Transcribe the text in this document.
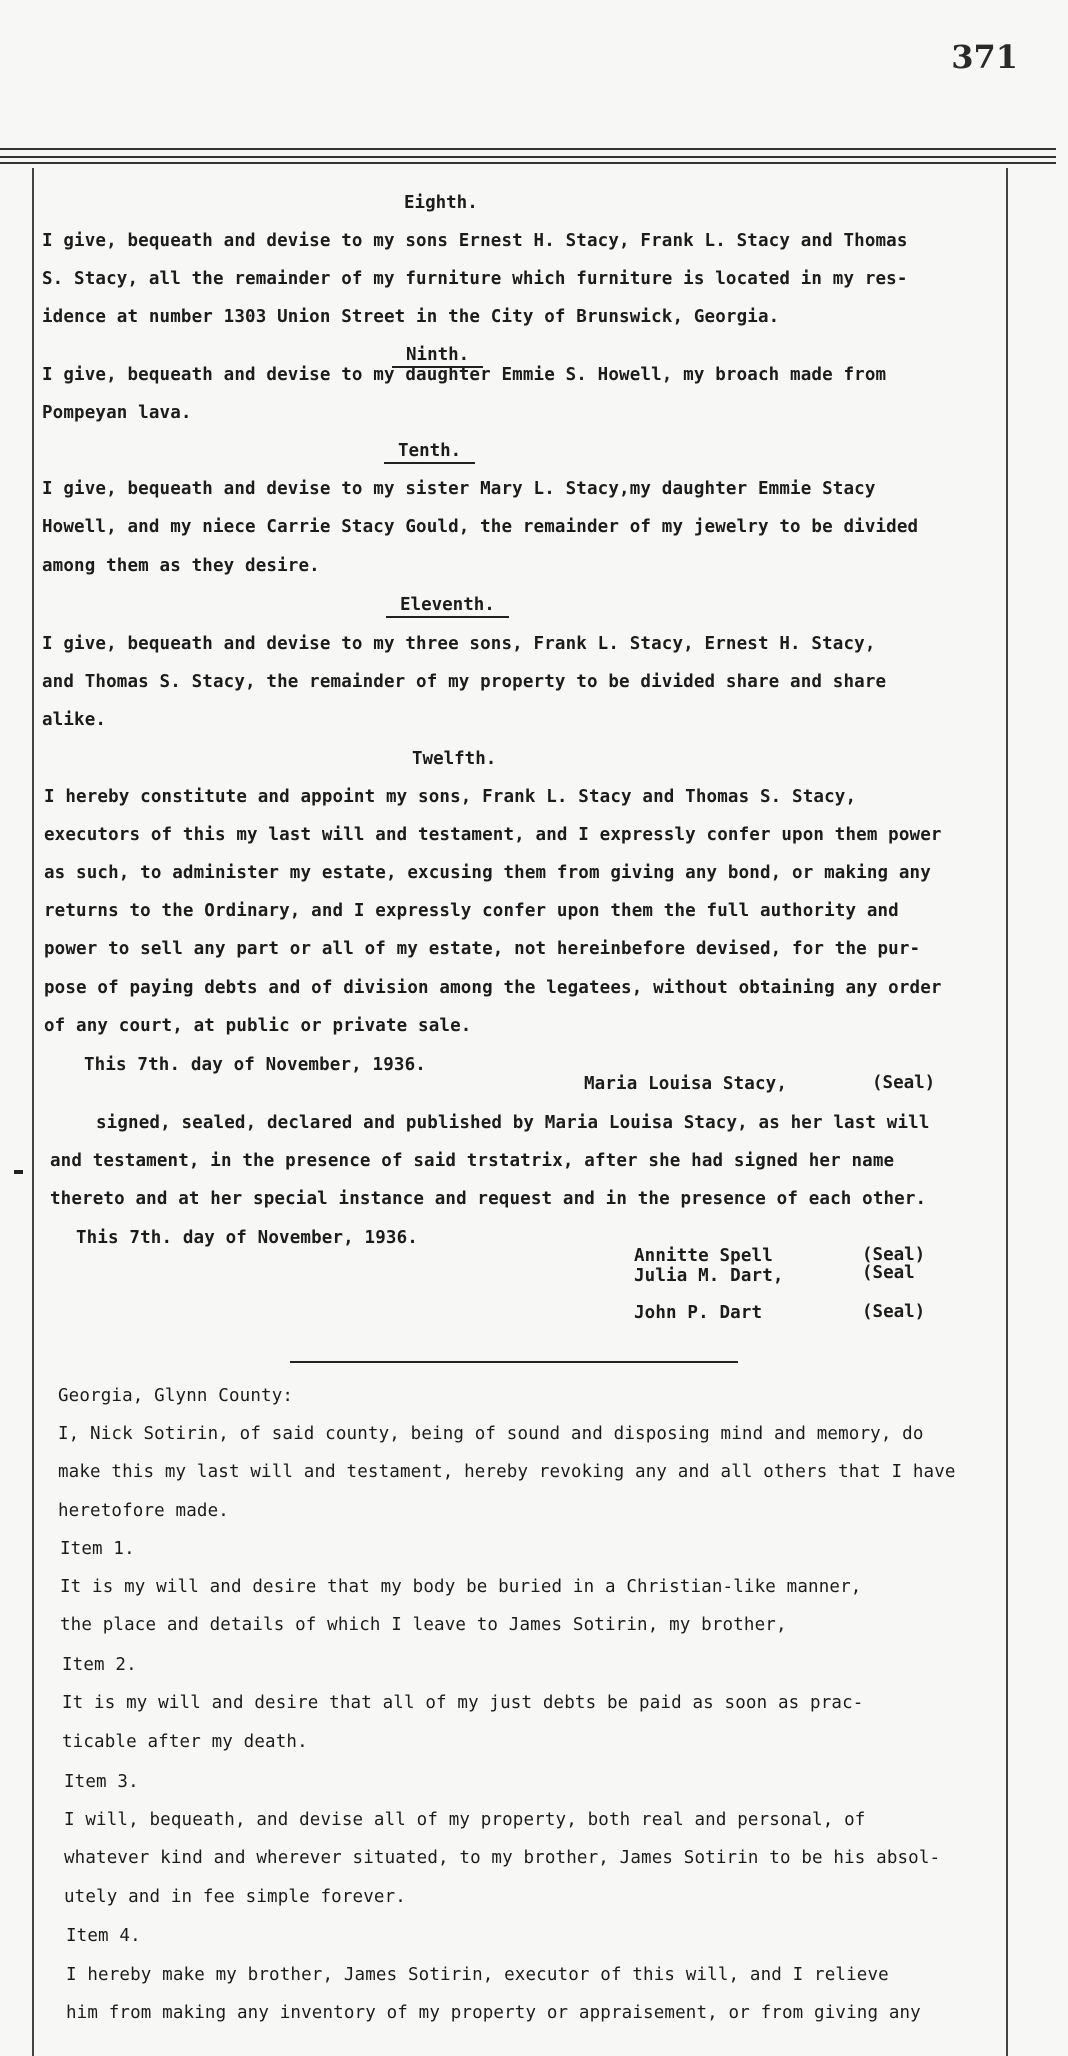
371
Eighth.
I give, bequeath and devise to my sons Ernest H. Stacy, Frank L. Stacy and Thomas
S. Stacy, all the remainder of my furniture which furniture is located in my res-
idence at number 1303 Union Street in the City of Brunswick, Georgia.
Ninth.
I give, bequeath and devise to my daughter Emmie S. Howell, my broach made from
Pompeyan lava.
Tenth.
I give, bequeath and devise to my sister Mary L. Stacy,my daughter Emmie Stacy
Howell, and my niece Carrie Stacy Gould, the remainder of my jewelry to be divided
among them as they desire.
Eleventh.
I give, bequeath and devise to my three sons, Frank L. Stacy, Ernest H. Stacy,
and Thomas S. Stacy, the remainder of my property to be divided share and share
alike.
Twelfth.
I hereby constitute and appoint my sons, Frank L. Stacy and Thomas S. Stacy,
executors of this my last will and testament, and I expressly confer upon them power
as such, to administer my estate, excusing them from giving any bond, or making any
returns to the Ordinary, and I expressly confer upon them the full authority and
power to sell any part or all of my estate, not hereinbefore devised, for the pur-
pose of paying debts and of division among the legatees, without obtaining any order
of any court, at public or private sale.
This 7th. day of November, 1936.
Maria Louisa Stacy,	(Seal)
signed, sealed, declared and published by Maria Louisa Stacy, as her last will
and testament, in the presence of said trstatrix, after she had signed her name
thereto and at her special instance and request and in the presence of each other.
This 7th. day of November, 1936.
Annitte Spell	(Seal)
Julia M. Dart,	(Seal
John P. Dart	(Seal)
Georgia, Glynn County:
I, Nick Sotirin, of said county, being of sound and disposing mind and memory, do
make this my last will and testament, hereby revoking any and all others that I have
heretofore made.
Item 1.
It is my will and desire that my body be buried in a Christian-like manner,
the place and details of which I leave to James Sotirin, my brother,
Item 2.
It is my will and desire that all of my just debts be paid as soon as prac-
ticable after my death.
Item 3.
I will, bequeath, and devise all of my property, both real and personal, of
whatever kind and wherever situated, to my brother, James Sotirin to be his absol-
utely and in fee simple forever.
Item 4.
I hereby make my brother, James Sotirin, executor of this will, and I relieve
him from making any inventory of my property or appraisement, or from giving any
